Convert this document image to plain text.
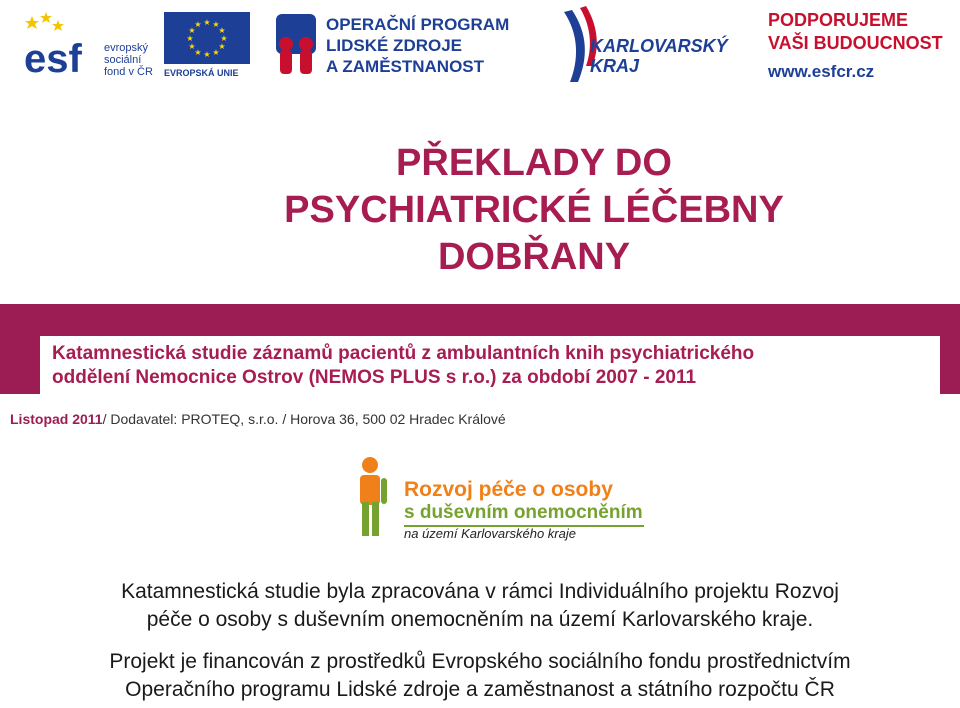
esf evropský
sociální
fond v ČR
★ ★
★
★
★
★
★
★
★
★
★
★
EVROPSKÁ UNIE
OPERAČNÍ PROGRAM
LIDSKÉ ZDROJE
A ZAMĚSTNANOST
KARLOVARSKÝ
KRAJ
PODPORUJEME
VAŠI BUDOUCNOST
www.esfcr.cz
PŘEKLADY DO
PSYCHIATRICKÉ LÉČEBNY
DOBŘANY
Katamnestická studie záznamů pacientů z ambulantních knih psychiatrického
oddělení Nemocnice Ostrov (NEMOS PLUS s r.o.) za období 2007 - 2011
Listopad 2011/ Dodavatel: PROTEQ, s.r.o. / Horova 36, 500 02 Hradec Králové
Rozvoj péče o osoby
s duševním onemocněním
na území Karlovarského kraje

Katamnestická studie byla zpracována v rámci Individuálního projektu Rozvoj
péče o osoby s duševním onemocněním na území Karlovarského kraje.

Projekt je financován z prostředků Evropského sociálního fondu prostřednictvím
Operačního programu Lidské zdroje a zaměstnanost a státního rozpočtu ČR
